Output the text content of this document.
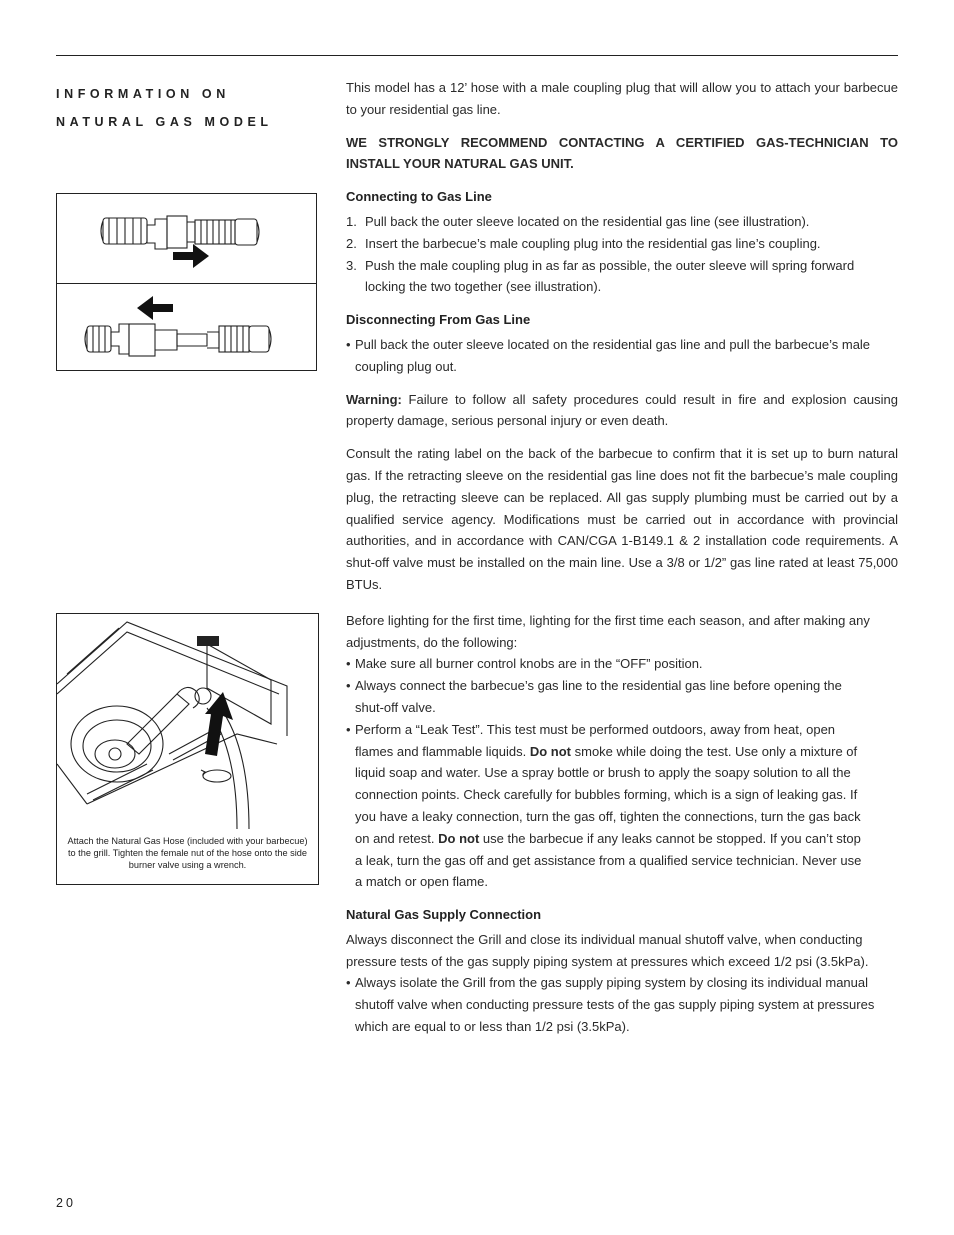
INFORMATION ON
NATURAL GAS MODEL
Attach the Natural Gas Hose (included with your barbecue) to the grill. Tighten the female nut of the hose onto the side burner valve using a wrench.

This model has a 12’ hose with a male coupling plug that will allow you to attach your barbecue to your residential gas line.

WE STRONGLY RECOMMEND CONTACTING A CERTIFIED GAS-TECHNICIAN TO INSTALL YOUR NATURAL GAS UNIT.

Connecting to Gas Line
1. Pull back the outer sleeve located on the residential gas line (see illustration).
2. Insert the barbecue’s male coupling plug into the residential gas line’s coupling.
3. Push the male coupling plug in as far as possible, the outer sleeve will spring forward locking the two together (see illustration).
Disconnecting From Gas Line
• Pull back the outer sleeve located on the residential gas line and pull the barbecue’s male coupling plug out.

Warning: Failure to follow all safety procedures could result in fire and explosion causing property damage, serious personal injury or even death.

Consult the rating label on the back of the barbecue to confirm that it is set up to burn natural gas. If the retracting sleeve on the residential gas line does not fit the barbecue’s male coupling plug, the retracting sleeve can be replaced. All gas supply plumbing must be carried out by a qualified service agency. Modifications must be carried out in accordance with provincial authorities, and in accordance with CAN/CGA 1-B149.1 & 2 installation code requirements. A shut-off valve must be installed on the main line. Use a 3/8 or 1/2” gas line rated at least 75,000 BTUs.

Before lighting for the first time, lighting for the first time each season, and after making any adjustments, do the following:

• Make sure all burner control knobs are in the “OFF” position.
• Always connect the barbecue’s gas line to the residential gas line before opening the shut-off valve.
• Perform a “Leak Test”. This test must be performed outdoors, away from heat, open flames and flammable liquids. Do not smoke while doing the test. Use only a mixture of liquid soap and water. Use a spray bottle or brush to apply the soapy solution to all the connection points. Check carefully for bubbles forming, which is a sign of leaking gas. If you have a leaky connection, turn the gas off, tighten the connections, turn the gas back on and retest. Do not use the barbecue if any leaks cannot be stopped. If you can’t stop a leak, turn the gas off and get assistance from a qualified service technician. Never use a match or open flame.
Natural Gas Supply Connection

Always disconnect the Grill and close its individual manual shutoff valve, when conducting pressure tests of the gas supply piping system at pressures which exceed 1/2 psi (3.5kPa).

• Always isolate the Grill from the gas supply piping system by closing its individual manual shutoff valve when conducting pressure tests of the gas supply piping system at pressures which are equal to or less than 1/2 psi (3.5kPa).
20
